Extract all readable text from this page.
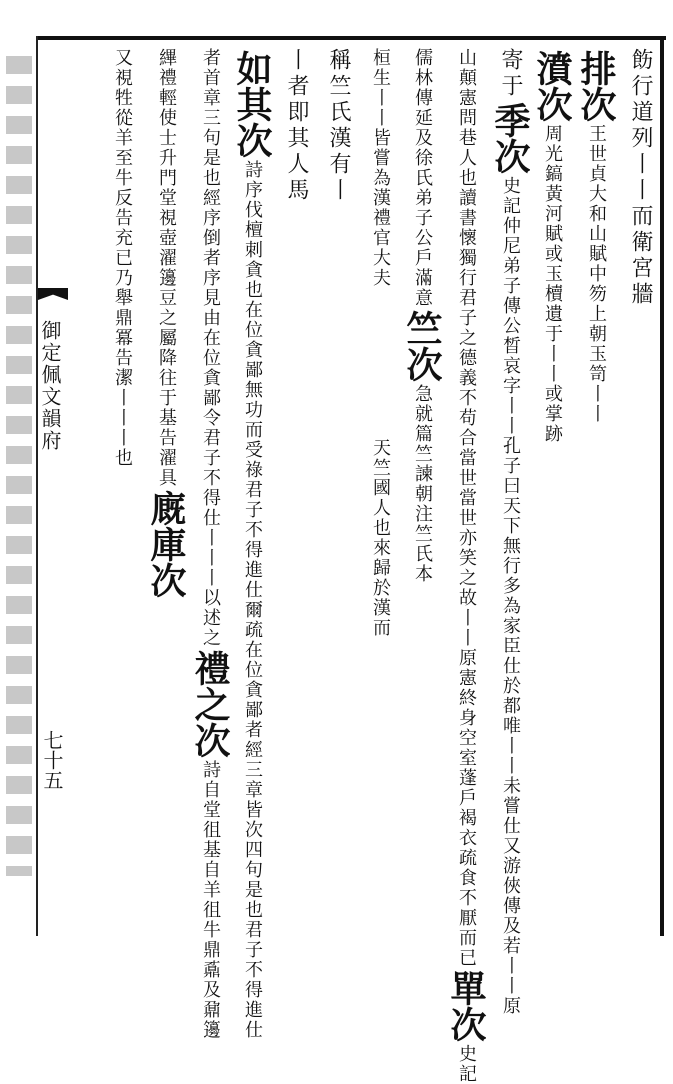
御定佩文韻府
七十五
飭行道列丨丨而衛宮牆
排次
王世貞大和山賦中笏上朝玉笥丨丨
濆次
周光鎬黃河賦或玉櫝遺于丨丨或掌跡
寄于
季次
史記仲尼弟子傳公晳哀字丨丨孔子曰天下無行多為家臣仕於都唯丨丨未嘗仕又游俠傳及若丨丨原
山顛憲問巷人也讀書懷獨行君子之德義不苟合當世當世亦笑之故丨丨原憲終身空室蓬戶褐衣疏食不厭而已
單次
史記
儒林傳延及徐氏弟子公戶滿意
竺次
急就篇竺諫朝注竺氏本
桓生丨丨皆嘗為漢禮官大夫
天竺國人也來歸於漢而
稱竺氏漢有丨
丨者即其人馬
如其次
詩序伐檀刺貪也在位貪鄙無功而受祿君子不得進仕爾疏在位貪鄙者經三章皆次四句是也君子不得進仕
者首章三句是也經序倒者序見由在位貪鄙令君子不得仕丨丨丨以述之
禮之次
詩自堂徂基自羊徂牛鼎鼒及鼐籩
縪禮輕使士升門堂視壺濯籩豆之屬降往于基告濯具
廐庫次
又視牲從羊至牛反告充已乃舉鼎冪告潔丨丨丨也
